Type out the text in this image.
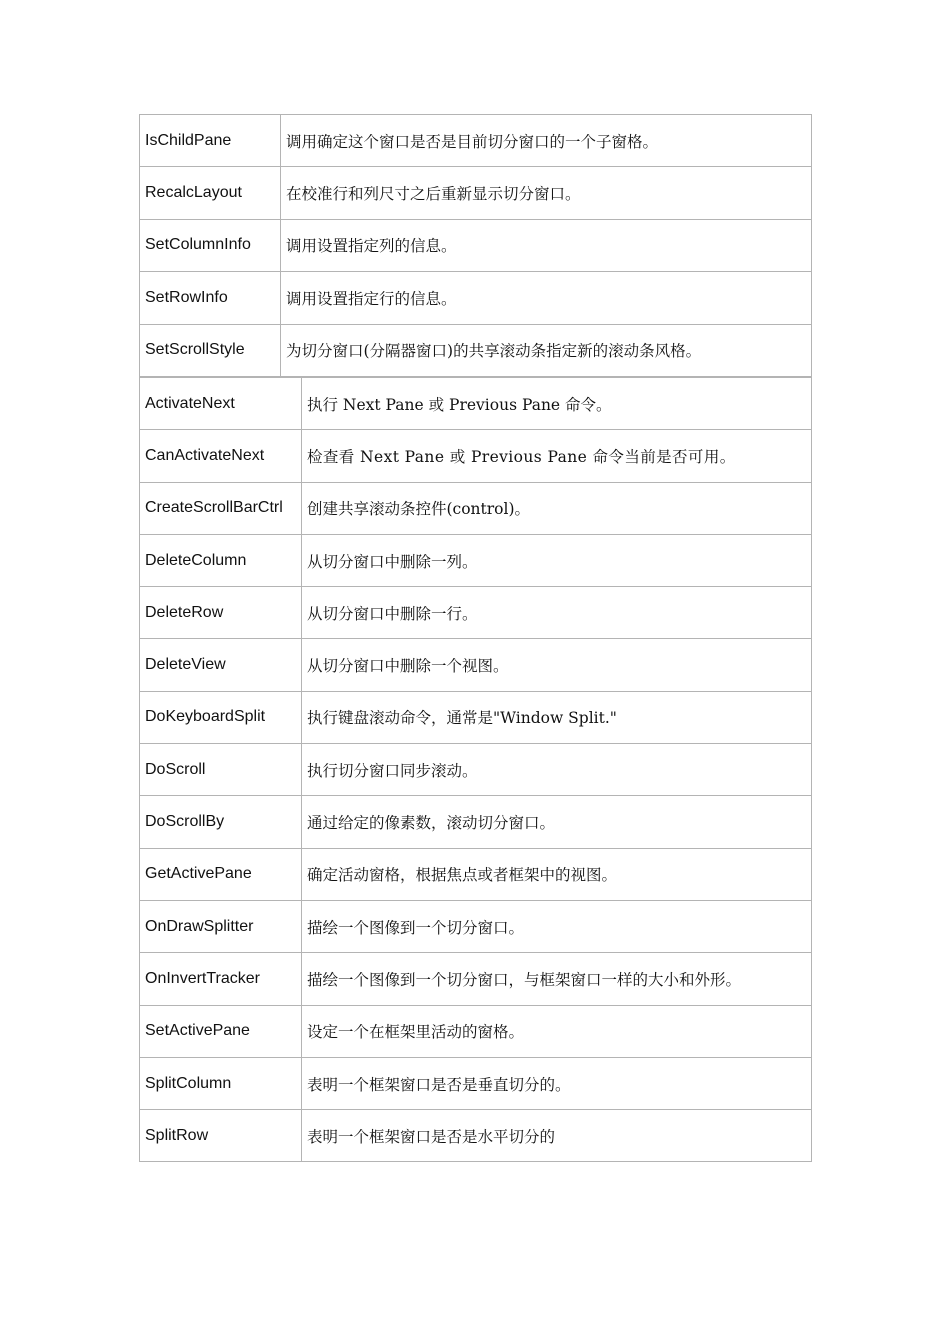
IsChildPane	调用确定这个窗口是否是目前切分窗口的一个子窗格。
RecalcLayout	在校准行和列尺寸之后重新显示切分窗口。
SetColumnInfo	调用设置指定列的信息。
SetRowInfo	调用设置指定行的信息。
SetScrollStyle	为切分窗口(分隔器窗口)的共享滚动条指定新的滚动条风格。
ActivateNext	执行 Next Pane 或 Previous Pane 命令。
CanActivateNext	检查看 Next Pane 或 Previous Pane 命令当前是否可用。
CreateScrollBarCtrl	创建共享滚动条控件(control)。
DeleteColumn	从切分窗口中删除一列。
DeleteRow	从切分窗口中删除一行。
DeleteView	从切分窗口中删除一个视图。
DoKeyboardSplit	执行键盘滚动命令，通常是"Window Split."
DoScroll	执行切分窗口同步滚动。
DoScrollBy	通过给定的像素数，滚动切分窗口。
GetActivePane	确定活动窗格，根据焦点或者框架中的视图。
OnDrawSplitter	描绘一个图像到一个切分窗口。
OnInvertTracker	描绘一个图像到一个切分窗口，与框架窗口一样的大小和外形。
SetActivePane	设定一个在框架里活动的窗格。
SplitColumn	表明一个框架窗口是否是垂直切分的。
SplitRow	表明一个框架窗口是否是水平切分的
